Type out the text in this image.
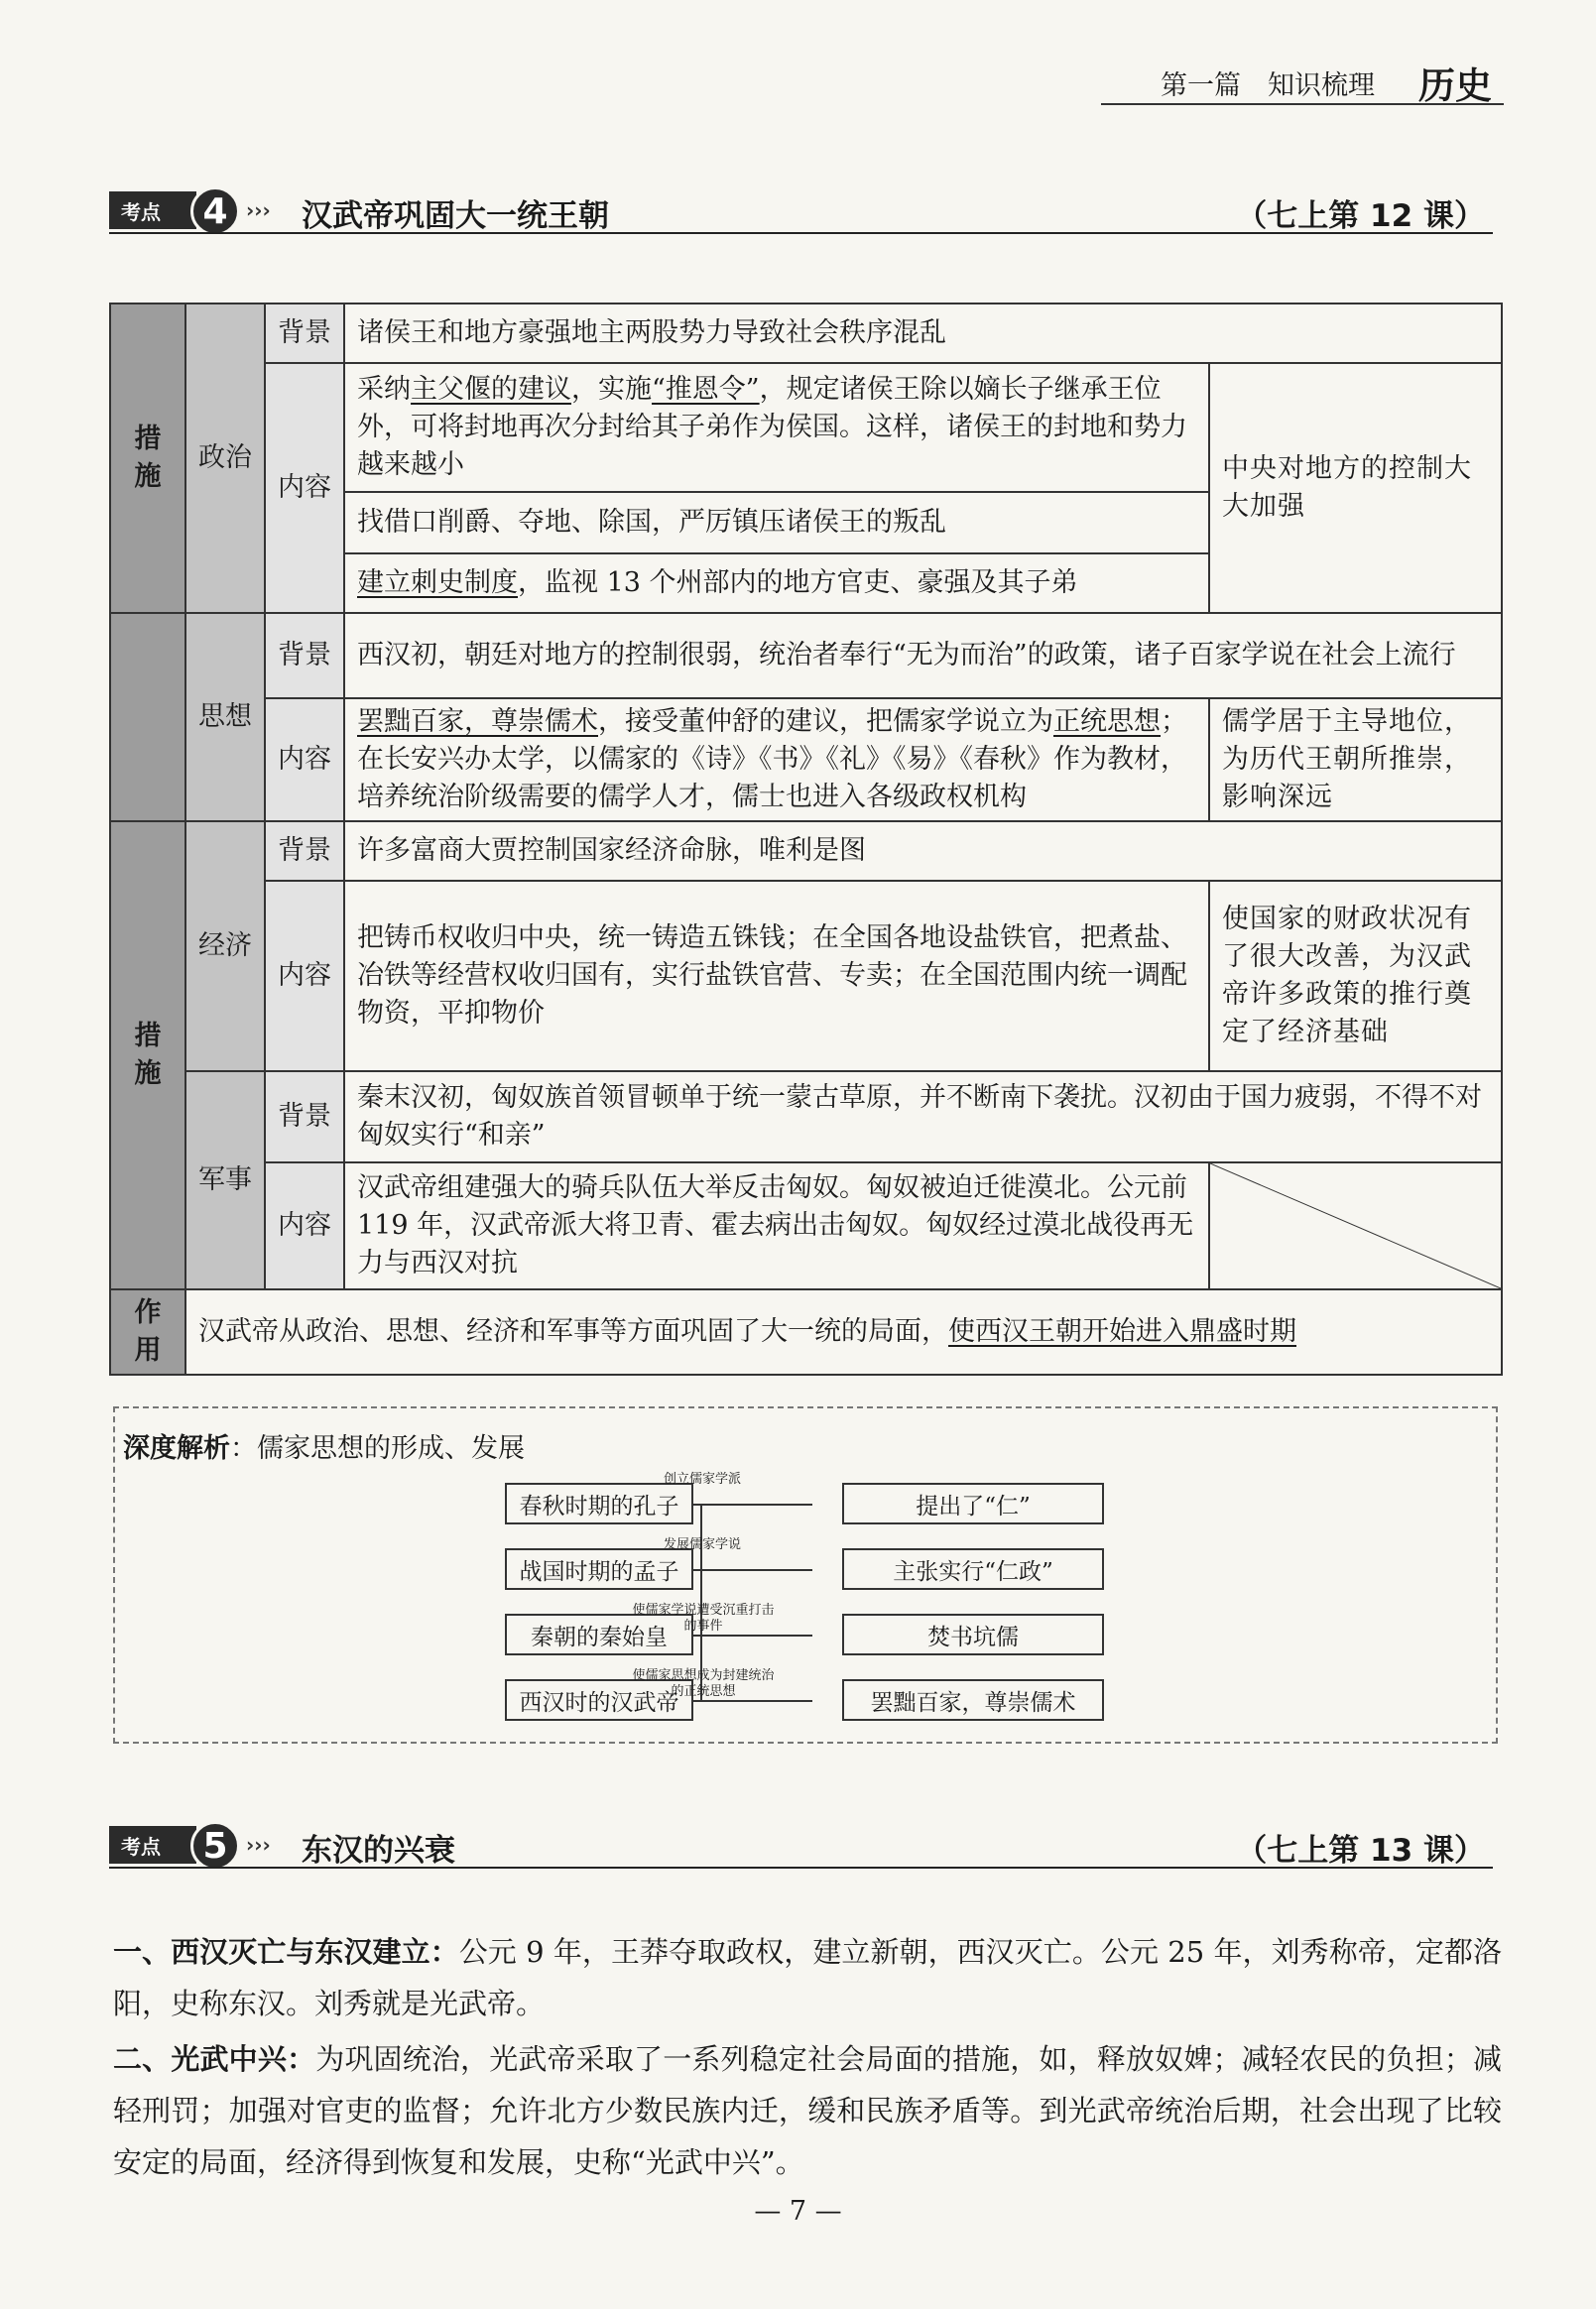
第一篇　知识梳理 历史
考点	4 ››› 汉武帝巩固大一统王朝	（七上第 12 课）
措施	政治	背景	诸侯王和地方豪强地主两股势力导致社会秩序混乱	
		内容	采纳主父偃的建议，实施“推恩令”，规定诸侯王除以嫡长子继承王位外，可将封地再次分封给其子弟作为侯国。这样，诸侯王的封地和势力越来越小	中央对地方的控制大大加强
			找借口削爵、夺地、除国，严厉镇压诸侯王的叛乱	
			建立刺史制度，监视 13 个州部内的地方官吏、豪强及其子弟	

	思想	背景	西汉初，朝廷对地方的控制很弱，统治者奉行“无为而治”的政策，诸子百家学说在社会上流行	
		内容	罢黜百家，尊崇儒术，接受董仲舒的建议，把儒家学说立为正统思想；在长安兴办太学，以儒家的《诗》《书》《礼》《易》《春秋》作为教材，培养统治阶级需要的儒学人才，儒士也进入各级政权机构	儒学居于主导地位，为历代王朝所推崇，影响深远
措施	经济	背景	许多富商大贾控制国家经济命脉，唯利是图	
		内容	把铸币权收归中央，统一铸造五铢钱；在全国各地设盐铁官，把煮盐、冶铁等经营权收归国有，实行盐铁官营、专卖；在全国范围内统一调配物资，平抑物价	使国家的财政状况有了很大改善，为汉武帝许多政策的推行奠定了经济基础
	军事	背景	秦末汉初，匈奴族首领冒顿单于统一蒙古草原，并不断南下袭扰。汉初由于国力疲弱，不得不对匈奴实行“和亲”	
		内容	汉武帝组建强大的骑兵队伍大举反击匈奴。匈奴被迫迁徙漠北。公元前 119 年，汉武帝派大将卫青、霍去病出击匈奴。匈奴经过漠北战役再无力与西汉对抗	

作用	汉武帝从政治、思想、经济和军事等方面巩固了大一统的局面，使西汉王朝开始进入鼎盛时期			
深度解析：儒家思想的形成、发展
春秋时期的孔子
创立儒家学派
提出了“仁”
战国时期的孟子
发展儒家学说
主张实行“仁政”
秦朝的秦始皇
使儒家学说遭受沉重打击的事件	焚书坑儒
西汉时的汉武帝
使儒家思想成为封建统治的正统思想	罢黜百家，尊崇儒术
考点	5 ››› 东汉的兴衰	（七上第 13 课）
一、西汉灭亡与东汉建立：公元 9 年，王莽夺取政权，建立新朝，西汉灭亡。公元 25 年，刘秀称帝，定都洛阳，史称东汉。刘秀就是光武帝。
二、光武中兴：为巩固统治，光武帝采取了一系列稳定社会局面的措施，如，释放奴婢；减轻农民的负担；减轻刑罚；加强对官吏的监督；允许北方少数民族内迁，缓和民族矛盾等。到光武帝统治后期，社会出现了比较安定的局面，经济得到恢复和发展，史称“光武中兴”。
— 7 —
